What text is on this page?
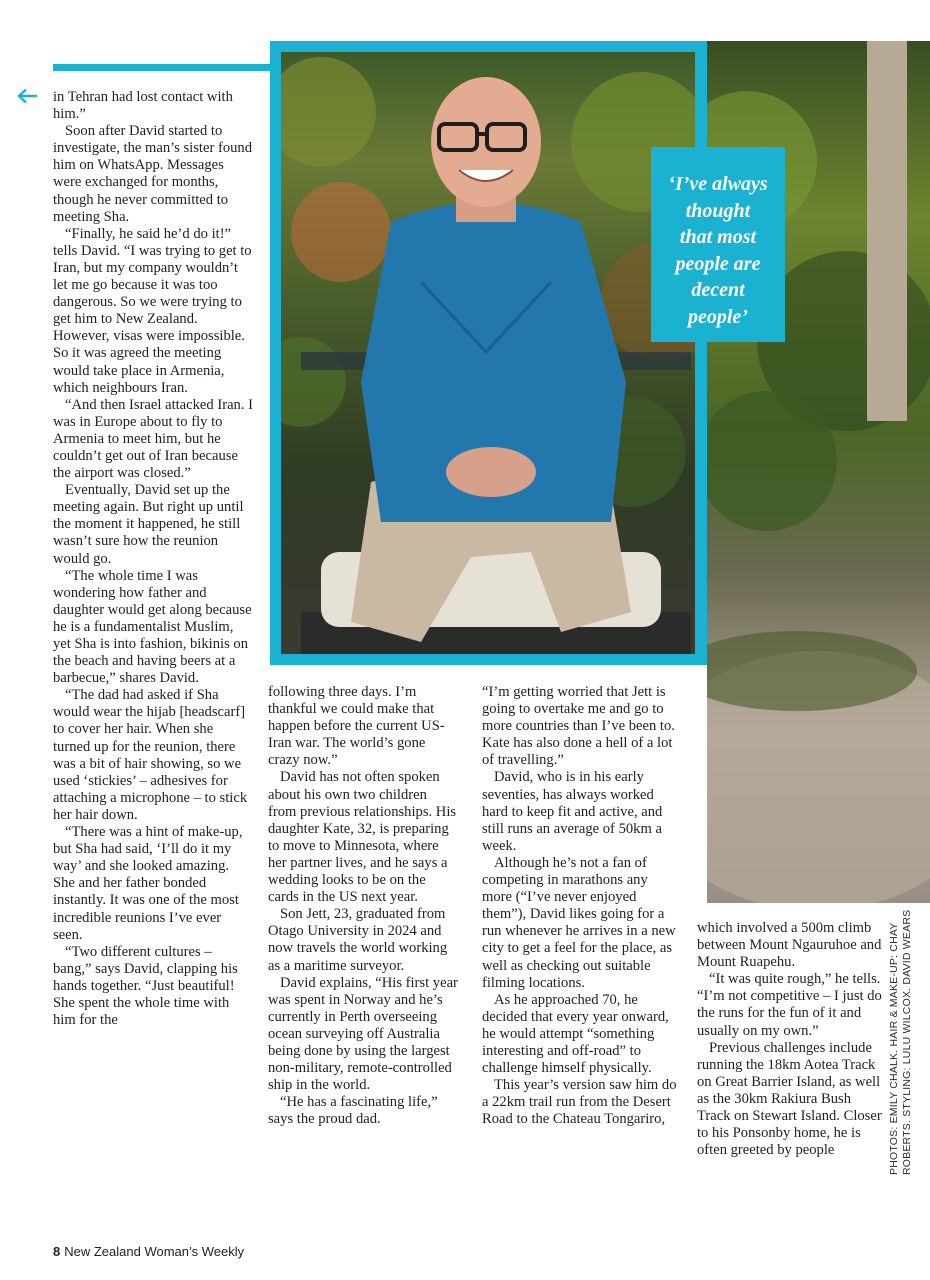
‘I’ve always
thought
that most
people are
decent
people’

in Tehran had lost contact with him.”

Soon after David started to investigate, the man’s sister found him on WhatsApp. Messages were exchanged for months, though he never committed to meeting Sha.

“Finally, he said he’d do it!” tells David. “I was trying to get to Iran, but my company wouldn’t let me go because it was too dangerous. So we were trying to get him to New Zealand. However, visas were impossible. So it was agreed the meeting would take place in Armenia, which neighbours Iran.

“And then Israel attacked Iran. I was in Europe about to fly to Armenia to meet him, but he couldn’t get out of Iran because the airport was closed.”

Eventually, David set up the meeting again. But right up until the moment it happened, he still wasn’t sure how the reunion would go.

“The whole time I was wondering how father and daughter would get along because he is a fundamentalist Muslim, yet Sha is into fashion, bikinis on the beach and having beers at a barbecue,” shares David.

“The dad had asked if Sha would wear the hijab [headscarf] to cover her hair. When she turned up for the reunion, there was a bit of hair showing, so we used ‘stickies’ – adhesives for attaching a microphone – to stick her hair down.

“There was a hint of make-up, but Sha had said, ‘I’ll do it my way’ and she looked amazing. She and her father bonded instantly. It was one of the most incredible reunions I’ve ever seen.

“Two different cultures – bang,” says David, clapping his hands together. “Just beautiful! She spent the whole time with him for the

following three days. I’m thankful we could make that happen before the current US-Iran war. The world’s gone crazy now.”

David has not often spoken about his own two children from previous relationships. His daughter Kate, 32, is preparing to move to Minnesota, where her partner lives, and he says a wedding looks to be on the cards in the US next year.

Son Jett, 23, graduated from Otago University in 2024 and now travels the world working as a maritime surveyor.

David explains, “His first year was spent in Norway and he’s currently in Perth overseeing ocean surveying off Australia being done by using the largest non-military, remote-controlled ship in the world.

“He has a fascinating life,” says the proud dad.

“I’m getting worried that Jett is going to overtake me and go to more countries than I’ve been to. Kate has also done a hell of a lot of travelling.”

David, who is in his early seventies, has always worked hard to keep fit and active, and still runs an average of 50km a week.

Although he’s not a fan of competing in marathons any more (“I’ve never enjoyed them”), David likes going for a run whenever he arrives in a new city to get a feel for the place, as well as checking out suitable filming locations.

As he approached 70, he decided that every year onward, he would attempt “something interesting and off-road” to challenge himself physically.

This year’s version saw him do a 22km trail run from the Desert Road to the Chateau Tongariro,

which involved a 500m climb between Mount Ngauruhoe and Mount Ruapehu.

“It was quite rough,” he tells. “I’m not competitive – I just do the runs for the fun of it and usually on my own.”

Previous challenges include running the 18km Aotea Track on Great Barrier Island, as well as the 30km Rakiura Bush Track on Stewart Island. Closer to his Ponsonby home, he is often greeted by people	PHOTOS: EMILY CHALK. HAIR & MAKE-UP: CHAY ROBERTS. STYLING: LULU WILCOX. DAVID WEARS
8 New Zealand Woman’s Weekly
